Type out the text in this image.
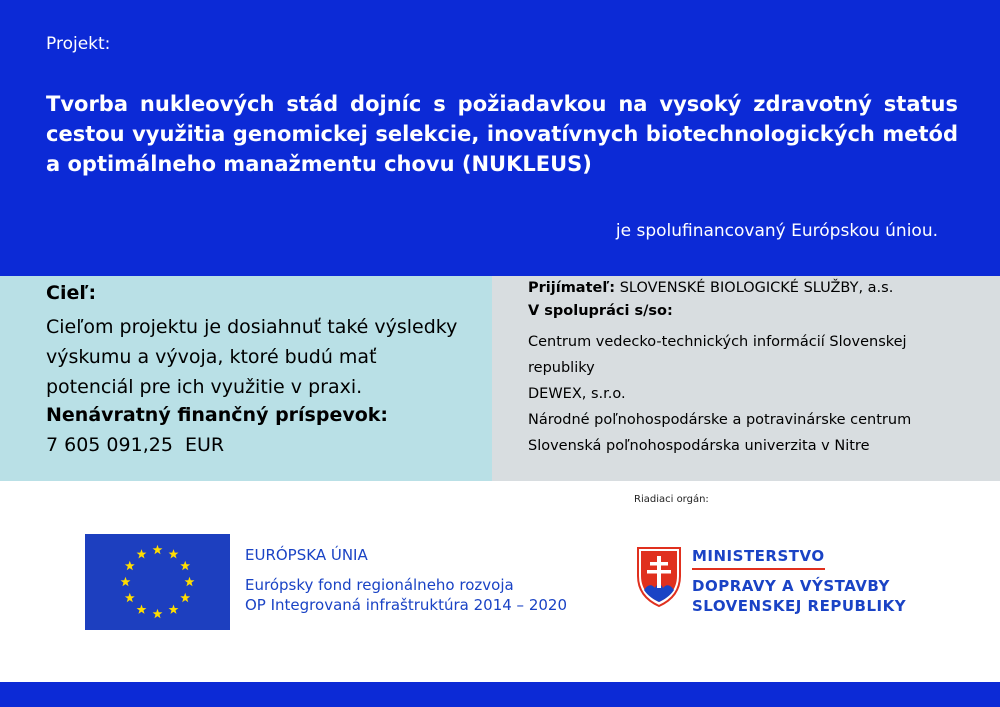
Projekt:
Tvorba nukleových stád dojníc s požiadavkou na vysoký zdravotný status cestou využitia genomickej selekcie, inovatívnych biotechnologických metód a optimálneho manažmentu chovu (NUKLEUS)
je spolufinancovaný Európskou úniou.
Cieľ:
Cieľom projektu je dosiahnuť také výsledky výskumu a vývoja, ktoré budú mať potenciál pre ich využitie v praxi.
Nenávratný finančný príspevok:
7 605 091,25  EUR
Prijímateľ: SLOVENSKÉ BIOLOGICKÉ SLUŽBY, a.s.
V spolupráci s/so:
Centrum vedecko-technických informácií Slovenskej republiky
DEWEX, s.r.o.
Národné poľnohospodárske a potravinárske centrum
Slovenská poľnohospodárska univerzita v Nitre
Riadiaci orgán:
EURÓPSKA ÚNIA
Európsky fond regionálneho rozvoja
OP Integrovaná infraštruktúra 2014 – 2020
MINISTERSTVO
DOPRAVY A VÝSTAVBY
SLOVENSKEJ REPUBLIKY
